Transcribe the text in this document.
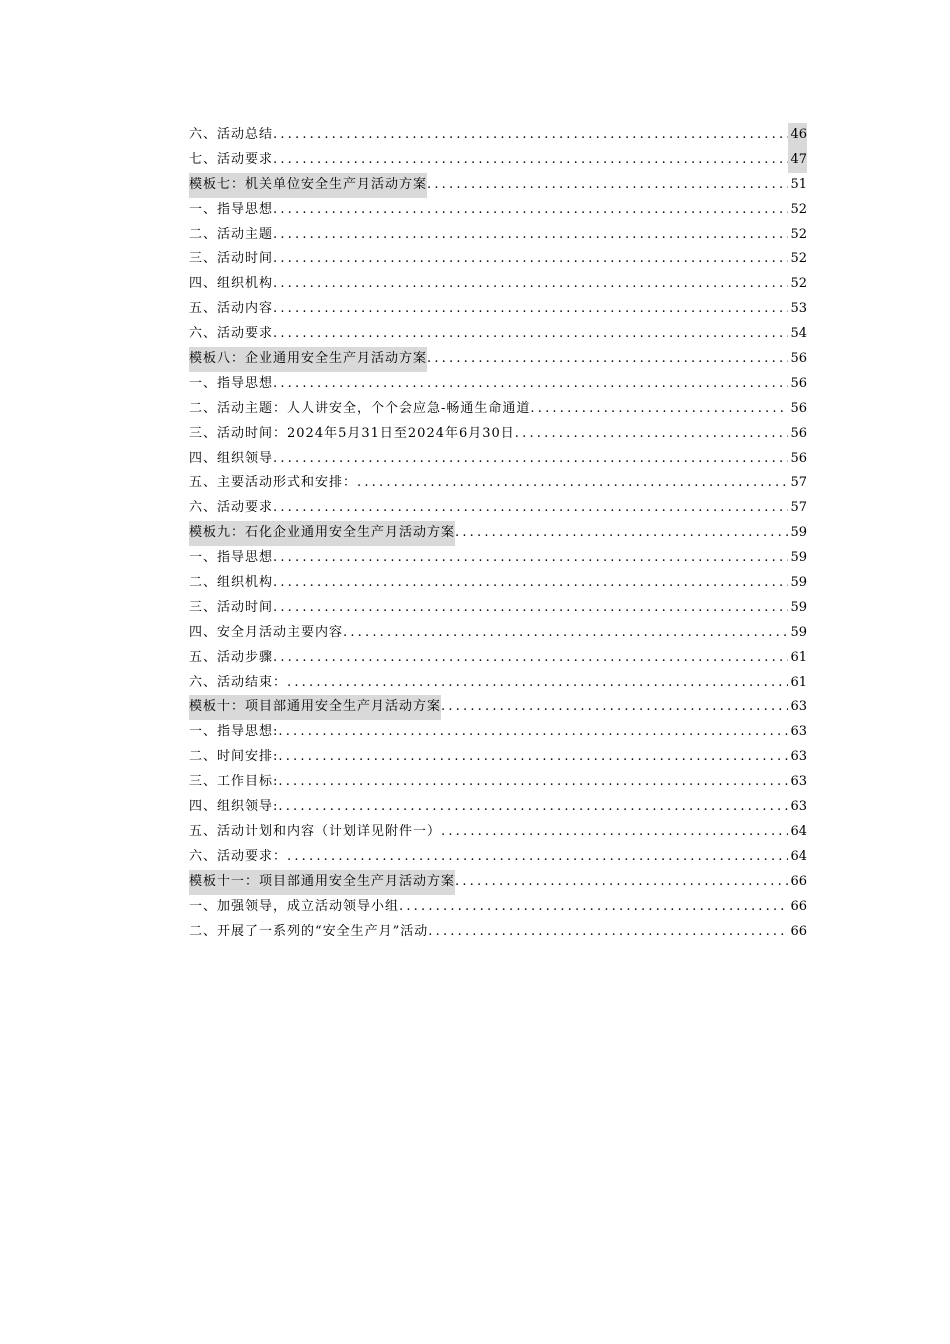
六、活动总结 .....	46
七、活动要求 .....	47
模板七：机关单位安全生产月活动方案 .....	51
一、指导思想 .....	52
二、活动主题 .....	52
三、活动时间 .....	52
四、组织机构 .....	52
五、活动内容 .....	53
六、活动要求 .....	54
模板八：企业通用安全生产月活动方案 .....	56
一、指导思想 .....	56
二、活动主题：人人讲安全，个个会应急-畅通生命通道 .....	56
三、活动时间：2024年5月31日至2024年6月30日 .....	56
四、组织领导 .....	56
五、主要活动形式和安排： .....	57
六、活动要求 .....	57
模板九：石化企业通用安全生产月活动方案 .....	59
一、指导思想 .....	59
二、组织机构 .....	59
三、活动时间 .....	59
四、安全月活动主要内容 .....	59
五、活动步骤 .....	61
六、活动结束： .....	61
模板十：项目部通用安全生产月活动方案 .....	63
一、指导思想: .....	63
二、时间安排: .....	63
三、工作目标: .....	63
四、组织领导: .....	63
五、活动计划和内容（计划详见附件一） .....	64
六、活动要求： .....	64
模板十一：项目部通用安全生产月活动方案 .....	66
一、加强领导，成立活动领导小组 .....	66
二、开展了一系列的“安全生产月”活动 .....	66
